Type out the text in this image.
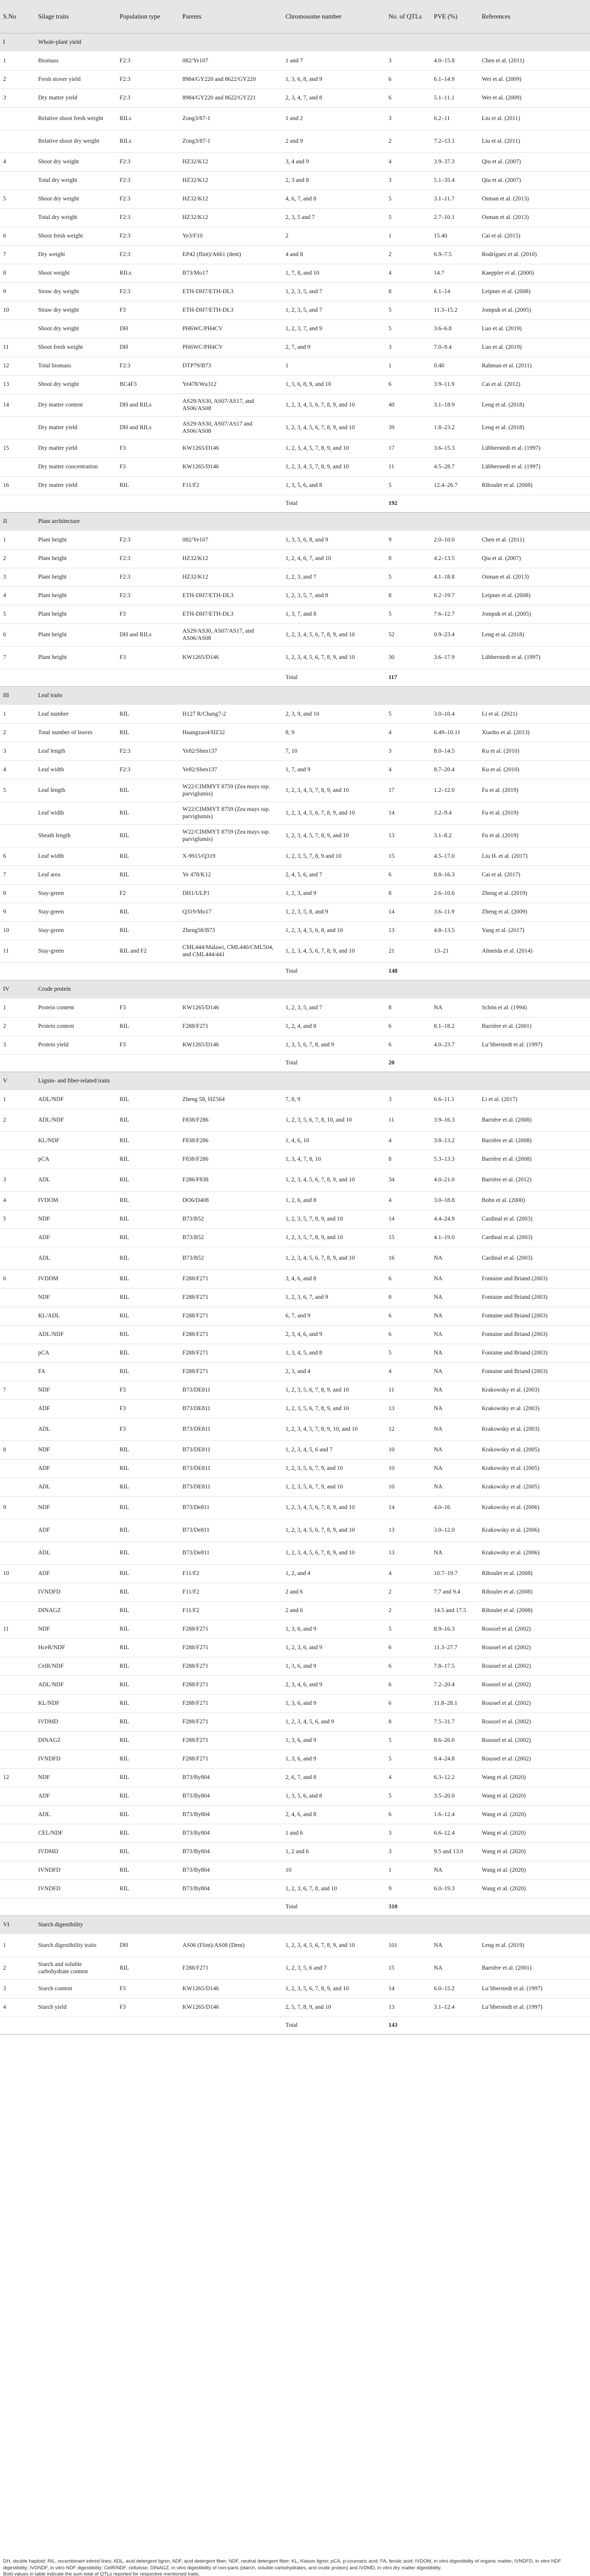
S.No	Silage traits	Population type	Parents	Chromosome number	No. of QTLs	PVE (%)	References
I	Whole-plant yield						
1	Biomass	F2:3	082/Ye107	1 and 7	3	4.0–15.8	Chen et al. (2011)
2	Fresh stover yield	F2:3	8984/GY220 and 8622/GY220	1, 3, 6, 8, and 9	6	6.1–14.9	Wei et al. (2009)
3	Dry matter yield	F2:3	8984/GY220 and 8622/GY221	2, 3, 4, 7, and 8	6	5.1–11.1	Wei et al. (2009)
	Relative shoot fresh weight	RILs	Zong3/87-1	1 and 2	3	6.2–11	Liu et al. (2011)
	Relative shoot dry weight	RILs	Zong3/87-1	2 and 9	2	7.2–13.1	Liu et al. (2011)
4	Shoot dry weight	F2:3	HZ32/K12	3, 4 and 9	4	3.9–37.3	Qiu et al. (2007)
	Total dry weight	F2:3	HZ32/K12	2, 3 and 8	3	5.1–35.4	Qiu et al. (2007)
5	Shoot dry weight	F2:3	HZ32/K12	4, 6, 7, and 8	5	3.1–11.7	Osman et al. (2013)
	Total dry weight	F2:3	HZ32/K12	2, 3, 5 and 7	5	2.7–10.1	Osman et al. (2013)
6	Shoot fresh weight	F2:3	Ye3/F10	2	1	15.40	Cai et al. (2015)
7	Dry weight	F2:3	EP42 (flint)/A661 (dent)	4 and 8	2	6.9–7.5	Rodríguez et al. (2010)
8	Shoot weight	RILs	B73/Mo17	1, 7, 8, and 10	4	14.7	Kaeppler et al. (2000)
9	Straw dry weight	F2:3	ETH-DH7/ETH-DL3	1, 2, 3, 5, and 7	8	6.1–14	Leipner et al. (2008)
10	Straw dry weight	F3	ETH-DH7/ETH-DL3	1, 2, 3, 5, and 7	5	11.3–15.2	Jompuk et al. (2005)
	Shoot dry weight	DH	PH6WC/PH4CV	1, 2, 3, 7, and 9	5	3.6–6.8	Luo et al. (2019)
11	Shoot fresh weight	DH	PH6WC/PH4CV	2, 7, and 9	3	7.0–9.4	Luo et al. (2019)
12	Total biomass	F2:3	DTP79/B73	1	1	0.40	Rahman et al. (2011)
13	Shoot dry weight	BC4F3	Ye478/Wu312	1, 3, 6, 8, 9, and 10	6	3.9–11.9	Cai et al. (2012)
14	Dry matter content	DH and RILs	AS29/AS30, AS07/AS17, and AS06/AS08	1, 2, 3, 4, 5, 6, 7, 8, 9, and 10	40	3.1–18.9	Leng et al. (2018)
	Dry matter yield	DH and RILs	AS29/AS30, AS07/AS17 and AS06/AS08	1, 2, 3, 4, 5, 6, 7, 8, 9, and 10	39	1.8–23.2	Leng et al. (2018)
15	Dry matter yield	F3	KW1265/D146	1, 2, 3, 4, 5, 7, 8, 9, and 10	17	3.6–15.3	Lübberstedt et al. (1997)
	Dry matter concentration	F3	KW1265/D146	1, 2, 3, 4, 5, 7, 8, 9, and 10	11	4.5–28.7	Lübberstedt et al. (1997)
16	Dry matter yield	RIL	F11/F2	1, 3, 5, 6, and 8	5	12.4–26.7	Riboulet et al. (2008)
				Total	192		
II	Plant architecture						
1	Plant height	F2:3	082/Ye107	1, 3, 5, 6, 8, and 9	9	2.0–10.0	Chen et al. (2011)
2	Plant height	F2:3	HZ32/K12	1, 2, 4, 6, 7, and 10	8	4.2–13.5	Qiu et al. (2007)
3	Plant height	F2:3	HZ32/K12	1, 2, 3, and 7	5	4.1–18.8	Osman et al. (2013)
4	Plant height	F2:3	ETH-DH7/ETH-DL3	1, 2, 3, 5, 7, and 8	8	6.2–19.7	Leipner et al. (2008)
5	Plant height	F3	ETH-DH7/ETH-DL3	1, 3, 7, and 8	5	7.6–12.7	Jompuk et al. (2005)
6	Plant height	DH and RILs	AS29/AS30, AS07/AS17, and AS06/AS08	1, 2, 3, 4, 5, 6, 7, 8, 9, and 10	52	0.9–23.4	Leng et al. (2018)
7	Plant height	F3	KW1265/D146	1, 2, 3, 4, 5, 6, 7, 8, 9, and 10	30	3.6–17.9	Lübberstedt et al. (1997)
				Total	117		
III	Leaf traits						
1	Leaf number	RIL	H127 R/Chang7-2	2, 3, 9, and 10	5	3.0–10.4	Li et al. (2021)
2	Total number of leaves	RIL	Huangzao4/HZ32	8, 9	4	6.49–10.11	Xiaobo et al. (2013)
3	Leaf length	F2:3	Ye82/Shen137	7, 10	3	8.0–14.5	Ku et al. (2010)
4	Leaf width	F2:3	Ye82/Shen137	1, 7, and 9	4	8.7–20.4	Ku et al. (2010)
5	Leaf length	RIL	W22/CIMMYT 8759 (Zea mays ssp. parviglumis)	1, 2, 3, 4, 5, 7, 8, 9, and 10	17	1.2–12.0	Fu et al. (2019)
	Leaf width	RIL	W22/CIMMYT 8759 (Zea mays ssp. parviglumis)	1, 2, 3, 4, 5, 6, 7, 8, 9, and 10	14	3.2–9.4	Fu et al. (2019)
	Sheath length	RIL	W22/CIMMYT 8759 (Zea mays ssp. parviglumis)	1, 2, 3, 4, 5, 7, 8, 9, and 10	13	3.1–8.2	Fu et al. (2019)
6	Leaf width	RIL	X-9915/Q319	1, 2, 3, 5, 7, 8, 9 and 10	15	4.5–17.0	Liu H. et al. (2017)
7	Leaf area	RIL	Ye 478/K12	2, 4, 5, 6, and 7	6	8.8–16.3	Cai et al. (2017)
8	Stay-green	F2	DH1/ULP1	1, 2, 3, and 9	8	2.6–10.6	Zheng et al. (2019)
9	Stay-green	RIL	Q319/Mo17	1, 2, 3, 5, 8, and 9	14	3.6–11.9	Zheng et al. (2009)
10	Stay-green	RIL	Zheng58/B73	1, 2, 3, 4, 5, 6, 8, and 10	13	4.8–13.5	Yang et al. (2017)
11	Stay-green	RIL and F2	CML444/Malawi, CML440/CML504, and CML444/441	1, 2, 3, 4, 5, 6, 7, 8, 9, and 10	21	13–21	Almeida et al. (2014)
				Total	148		
IV	Crude protein						
1	Protein content	F3	KW1265/D146	1, 2, 3, 5, and 7	8	NA	Schön et al. (1994)
2	Protein content	RIL	F288/F271	1, 2, 4, and 8	6	8.1–18.2	Barrière et al. (2001)
3	Protein yield	F3	KW1265/D146	1, 3, 5, 6, 7, 8, and 9	6	4.0–23.7	Lu¨bberstedt et al. (1997)
				Total	20		
V	Lignin- and fiber-related traits						
1	ADL/NDF	RIL	Zheng 58, HZ564	7, 8, 9	3	6.6–11.1	Li et al. (2017)
2	ADL/NDF	RIL	F838/F286	1, 2, 3, 5, 6, 7, 8, 10, and 10	11	3.9–16.3	Barrière et al. (2008)
	KL/NDF	RIL	F838/F286	1, 4, 6, 10	4	3.8–13.2	Barrière et al. (2008)
	pCA	RIL	F838/F286	1, 3, 4, 7, 8, 10	8	5.3–13.3	Barrière et al. (2008)
3	ADL	RIL	F286/F838	1, 2, 3, 4, 5, 6, 7, 8, 9, and 10	34	4.0–21.0	Barrière et al. (2012)
4	IVDOM	RIL	DO6/D408	1, 2, 6, and 8	4	3.0–18.8	Bohn et al. (2000)
5	NDF	RIL	B73/B52	1, 2, 3, 5, 7, 8, 9, and 10	14	4.4–24.9	Cardinal et al. (2003)
	ADF	RIL	B73/B52	1, 2, 3, 5, 7, 8, 9, and 10	15	4.1–19.0	Cardinal et al. (2003)
	ADL	RIL	B73/B52	1, 2, 3, 4, 5, 6, 7, 8, 9, and 10	16	NA	Cardinal et al. (2003)
6	IVDDM	RIL	F288/F271	3, 4, 6, and 8	6	NA	Fontaine and Briand (2003)
	NDF	RIL	F288/F271	1, 2, 3, 6, 7, and 9	8	NA	Fontaine and Briand (2003)
	KL/ADL	RIL	F288/F271	6, 7, and 9	6	NA	Fontaine and Briand (2003)
	ADL/NDF	RIL	F288/F271	2, 3, 4, 6, and 9	6	NA	Fontaine and Briand (2003)
	pCA	RIL	F288/F271	1, 3, 4, 5, and 8	5	NA	Fontaine and Briand (2003)
	FA	RIL	F288/F271	2, 3, and 4	4	NA	Fontaine and Briand (2003)
7	NDF	F3	B73/DE811	1, 2, 3, 5, 6, 7, 8, 9, and 10	11	NA	Krakowsky et al. (2003)
	ADF	F3	B73/DE811	1, 2, 3, 5, 6, 7, 8, 9, and 10	13	NA	Krakowsky et al. (2003)
	ADL	F3	B73/DE811	1, 2, 3, 4, 5, 7, 8, 9, 10, and 10	12	NA	Krakowsky et al. (2003)
8	NDF	RIL	B73/DE811	1, 2, 3, 4, 5, 6 and 7	10	NA	Krakowsky et al. (2005)
	ADF	RIL	B73/DE811	1, 2, 3, 5, 6, 7, 9, and 10	10	NA	Krakowsky et al. (2005)
	ADL	RIL	B73/DE811	1, 2, 3, 5, 6, 7, 9, and 10	10	NA	Krakowsky et al. (2005)
9	NDF	RIL	B73/De811	1, 2, 3, 4, 5, 6, 7, 8, 9, and 10	14	4.0–16	Krakowsky et al. (2006)
	ADF	RIL	B73/De811	1, 2, 3, 4, 5, 6, 7, 8, 9, and 10	13	3.0–12.0	Krakowsky et al. (2006)
	ADL	RIL	B73/De811	1, 2, 3, 4, 5, 6, 7, 8, 9, and 10	13	NA	Krakowsky et al. (2006)
10	ADF	RIL	F11/F2	1, 2, and 4	4	10.7–19.7	Riboulet et al. (2008)
	IVNDFD	RIL	F11/F2	2 and 6	2	7.7 and 9.4	Riboulet et al. (2008)
	DINAGZ	RIL	F11/F2	2 and 6	2	14.5 and 17.5	Riboulet et al. (2008)
11	NDF	RIL	F288/F271	1, 3, 6, and 9	5	8.9–16.3	Roussel et al. (2002)
	HceR/NDF	RIL	F288/F271	1, 2, 3, 6, and 9	6	11.3–27.7	Roussel et al. (2002)
	CelR/NDF	RIL	F288/F271	1, 3, 6, and 9	6	7.8–17.5	Roussel et al. (2002)
	ADL/NDF	RIL	F288/F271	2, 3, 4, 6, and 9	6	7.2–20.4	Roussel et al. (2002)
	KL/NDF	RIL	F288/F271	1, 3, 6, and 9	6	11.8–28.1	Roussel et al. (2002)
	IVDMD	RIL	F288/F271	1, 2, 3, 4, 5, 6, and 9	8	7.5–31.7	Roussel et al. (2002)
	DINAGZ	RIL	F288/F271	1, 3, 6, and 9	5	8.6–26.0	Roussel et al. (2002)
	IVNDFD	RIL	F288/F271	1, 3, 6, and 9	5	9.4–24.8	Roussel et al. (2002)
12	NDF	RIL	B73/By804	2, 6, 7, and 8	4	6.3–12.2	Wang et al. (2020)
	ADF	RIL	B73/By804	1, 3, 5, 6, and 8	5	3.5–20.0	Wang et al. (2020)
	ADL	RIL	B73/By804	2, 4, 6, and 8	6	1.6–12.4	Wang et al. (2020)
	CEL/NDF	RIL	B73/By804	1 and 6	3	6.6–12.4	Wang et al. (2020)
	IVDMD	RIL	B73/By804	1, 2 and 6	3	9.5 and 13.0	Wang et al. (2020)
	IVNDFD	RIL	B73/By804	10	1	NA	Wang et al. (2020)
	IVNDFD	RIL	B73/By804	1, 2, 3, 6, 7, 8, and 10	9	6.0–19.3	Wang et al. (2020)
				Total	310		
VI	Starch digestibility						
1	Starch digestibility traits	DH	AS06 (Flint)/AS08 (Dent)	1, 2, 3, 4, 5, 6, 7, 8, 9, and 10	101	NA	Leng et al. (2019)
2	Starch and soluble carbohydrate content	RIL	F288/F271	1, 2, 3, 5, 6 and 7	15	NA	Barrière et al. (2001)
3	Starch content	F3	KW1265/D146	1, 2, 3, 5, 6, 7, 8, 9, and 10	14	6.0–15.2	Lu¨bberstedt et al. (1997)
4	Starch yield	F3	KW1265/D146	2, 5, 7, 8, 9, and 10	13	3.1–12.4	Lu¨bberstedt et al. (1997)
				Total	143		

DH, double haploid; RIL, recombinant inbred lines; ADL, acid detergent lignin; ADF, acid detergent fiber; NDF, neutral detergent fiber; KL, Klason lignin; pCA, p-coumaric acid; FA, ferulic acid; IVDOM, in vitro digestibility of organic matter; IVNDFD, in vitro NDF digestibility; IVDNDF, in vitro NDF digestibility; CelR/NDF, cellulose; DINAGZ, in vitro digestibility of non-parts (starch, soluble carbohydrates, and crude protein) and IVDMD, in vitro dry matter digestibility.

Bold values in table indicate the sum total of QTLs reported for respective mentioned traits.
